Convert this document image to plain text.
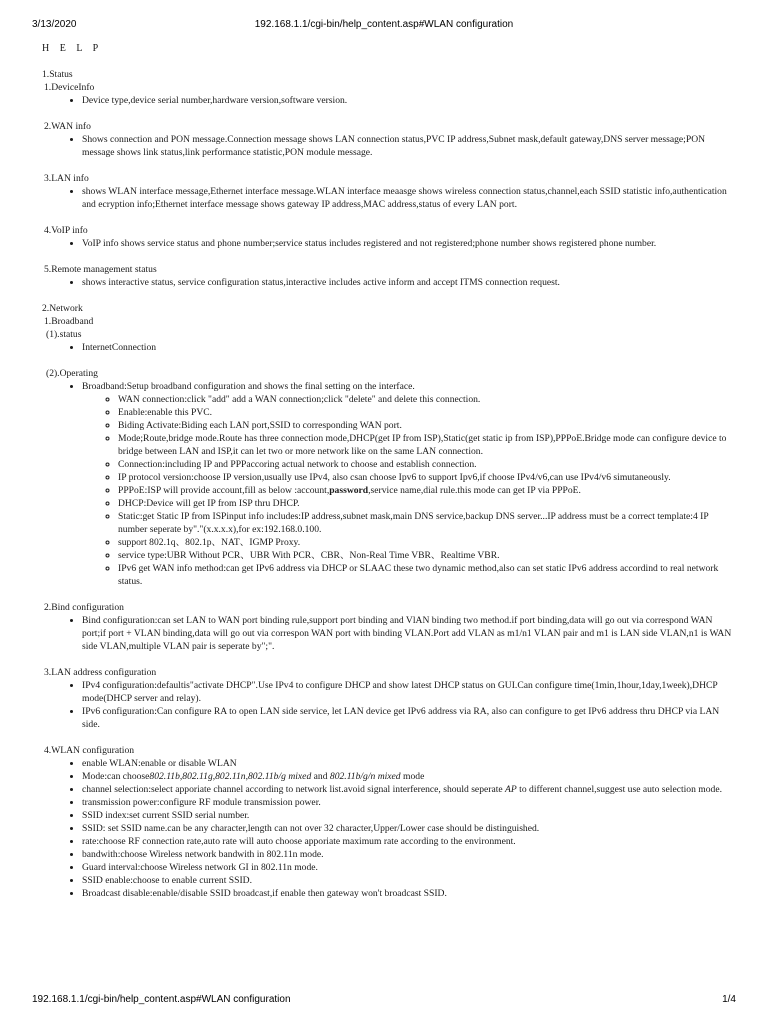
3/13/2020	192.168.1.1/cgi-bin/help_content.asp#WLAN configuration
H E L P
1.Status
1.DeviceInfo
• Device type,device serial number,hardware version,software version.
2.WAN info
• Shows connection and PON message.Connection message shows LAN connection status,PVC IP address,Subnet mask,default gateway,DNS server message;PON message shows link status,link performance statistic,PON module message.
3.LAN info
• shows WLAN interface message,Ethernet interface message.WLAN interface meaasge shows wireless connection status,channel,each SSID statistic info,authentication and ecryption info;Ethernet interface message shows gateway IP address,MAC address,status of every LAN port.
4.VoIP info
• VoIP info shows service status and phone number;service status includes registered and not registered;phone number shows registered phone number.
5.Remote management status
• shows interactive status, service configuration status,interactive includes active inform and accept ITMS connection request.
2.Network
1.Broadband
(1).status
• InternetConnection
(2).Operating
• Broadband:Setup broadband configuration and shows the final setting on the interface.
◦ WAN connection:click "add" add a WAN connection;click "delete" and delete this connection.
◦ Enable:enable this PVC.
◦ Biding Activate:Biding each LAN port,SSID to corresponding WAN port.
◦ Mode;Route,bridge mode.Route has three connection mode,DHCP(get IP from ISP),Static(get static ip from ISP),PPPoE.Bridge mode can configure device to bridge between LAN and ISP,it can let two or more network like on the same LAN connection.
◦ Connection:including IP and PPPaccoring actual network to choose and establish connection.
◦ IP protocol version:choose IP version,usually use IPv4, also csan choose Ipv6 to support Ipv6,if choose IPv4/v6,can use IPv4/v6 simutaneously.
◦ PPPoE:ISP will provide account,fill as below :account,password,service name,dial rule.this mode can get IP via PPPoE.
◦ DHCP:Device will get IP from ISP thru DHCP.
◦ Static:get Static IP from ISPinput info includes:IP address,subnet mask,main DNS service,backup DNS server...IP address must be a correct template:4 IP number seperate by"."(x.x.x.x),for ex:192.168.0.100.
◦ support 802.1q、802.1p、NAT、IGMP Proxy.
◦ service type:UBR Without PCR、UBR With PCR、CBR、Non-Real Time VBR、Realtime VBR.
◦ IPv6 get WAN info method:can get IPv6 address via DHCP or SLAAC these two dynamic method,also can set static IPv6 address accordind to real network status.
2.Bind configuration
• Bind configuration:can set LAN to WAN port binding rule,support port binding and VlAN binding two method.if port binding,data will go out via correspond WAN port;if port + VLAN binding,data will go out via correspon WAN port with binding VLAN.Port add VLAN as m1/n1 VLAN pair and m1 is LAN side VLAN,n1 is WAN side VLAN,multiple VLAN pair is seperate by";".
3.LAN address configuration
• IPv4 configuration:defaultis"activate DHCP".Use IPv4 to configure DHCP and show latest DHCP status on GUI.Can configure time(1min,1hour,1day,1week),DHCP mode(DHCP server and relay).
• IPv6 configuration:Can configure RA to open LAN side service, let LAN device get IPv6 address via RA, also can configure to get IPv6 address thru DHCP via LAN side.
4.WLAN configuration
• enable WLAN:enable or disable WLAN
• Mode:can choose802.11b,802.11g,802.11n,802.11b/g mixed and 802.11b/g/n mixed mode
• channel selection:select apporiate channel according to network list.avoid signal interference, should seperate AP to different channel,suggest use auto selection mode.
• transmission power:configure RF module transmission power.
• SSID index:set current SSID serial number.
• SSID: set SSID name.can be any character,length can not over 32 character,Upper/Lower case should be distinguished.
• rate:choose RF connection rate,auto rate will auto choose apporiate maximum rate according to the environment.
• bandwith:choose Wireless network bandwith in 802.11n mode.
• Guard interval:choose Wireless network GI in 802.11n mode.
• SSID enable:choose to enable current SSID.
• Broadcast disable:enable/disable SSID broadcast,if enable then gateway won't broadcast SSID.
192.168.1.1/cgi-bin/help_content.asp#WLAN configuration	1/4
